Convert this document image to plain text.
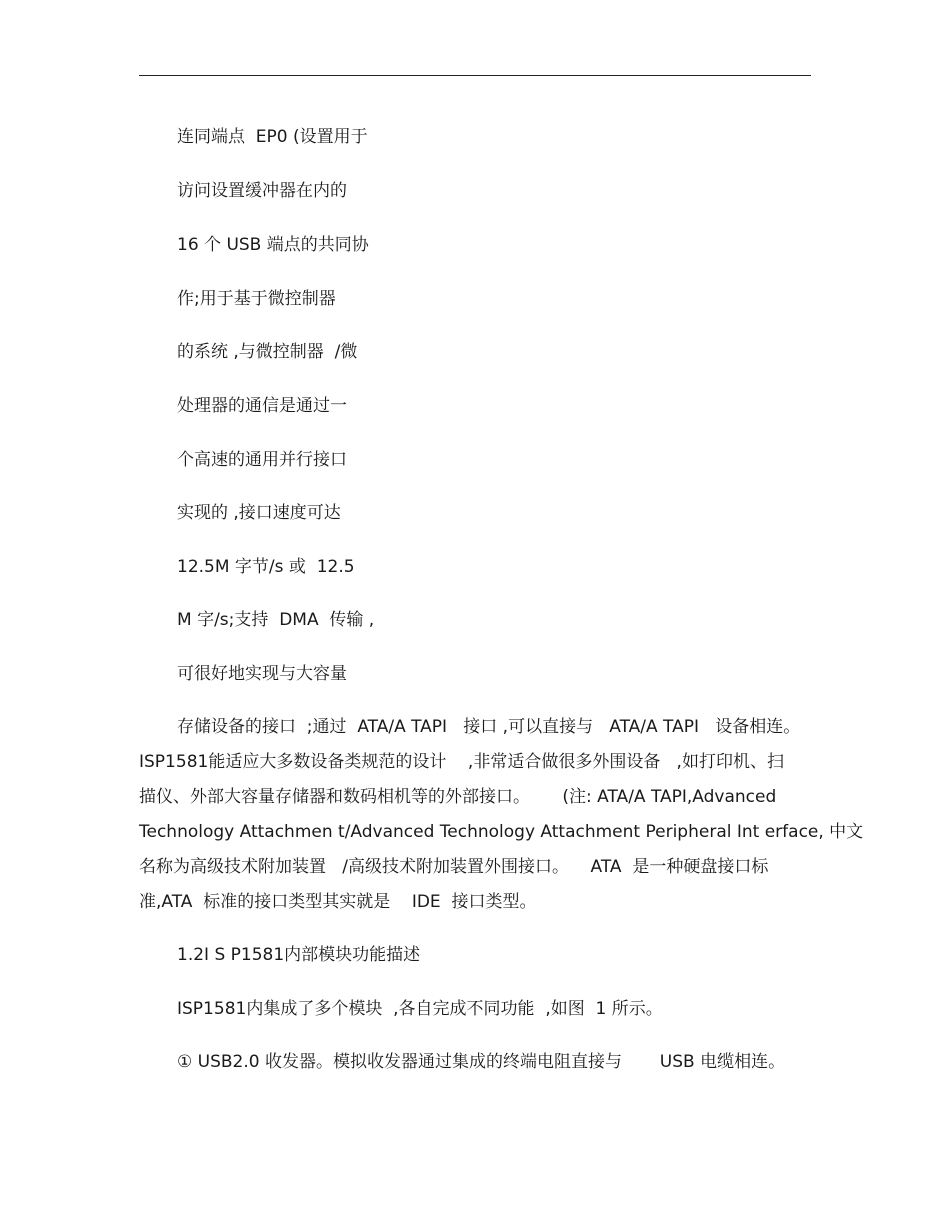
连同端点  EP0 (设置用于
访问设置缓冲器在内的
16 个 USB 端点的共同协
作;用于基于微控制器
的系统 ,与微控制器  /微
处理器的通信是通过一
个高速的通用并行接口
实现的 ,接口速度可达
12.5M 字节/s 或  12.5
M 字/s;支持  DMA  传输 ,
可很好地实现与大容量
存储设备的接口  ;通过  ATA/A TAPI   接口 ,可以直接与   ATA/A TAPI   设备相连。
ISP1581能适应大多数设备类规范的设计    ,非常适合做很多外围设备   ,如打印机、扫
描仪、外部大容量存储器和数码相机等的外部接口。      (注: ATA/A TAPI,Advanced
Technology Attachmen t/Advanced Technology Attachment Peripheral Int erface, 中文
名称为高级技术附加装置   /高级技术附加装置外围接口。    ATA  是一种硬盘接口标
准,ATA  标准的接口类型其实就是    IDE  接口类型。
1.2I S P1581内部模块功能描述
ISP1581内集成了多个模块  ,各自完成不同功能  ,如图  1 所示。
① USB2.0 收发器。模拟收发器通过集成的终端电阻直接与       USB 电缆相连。
